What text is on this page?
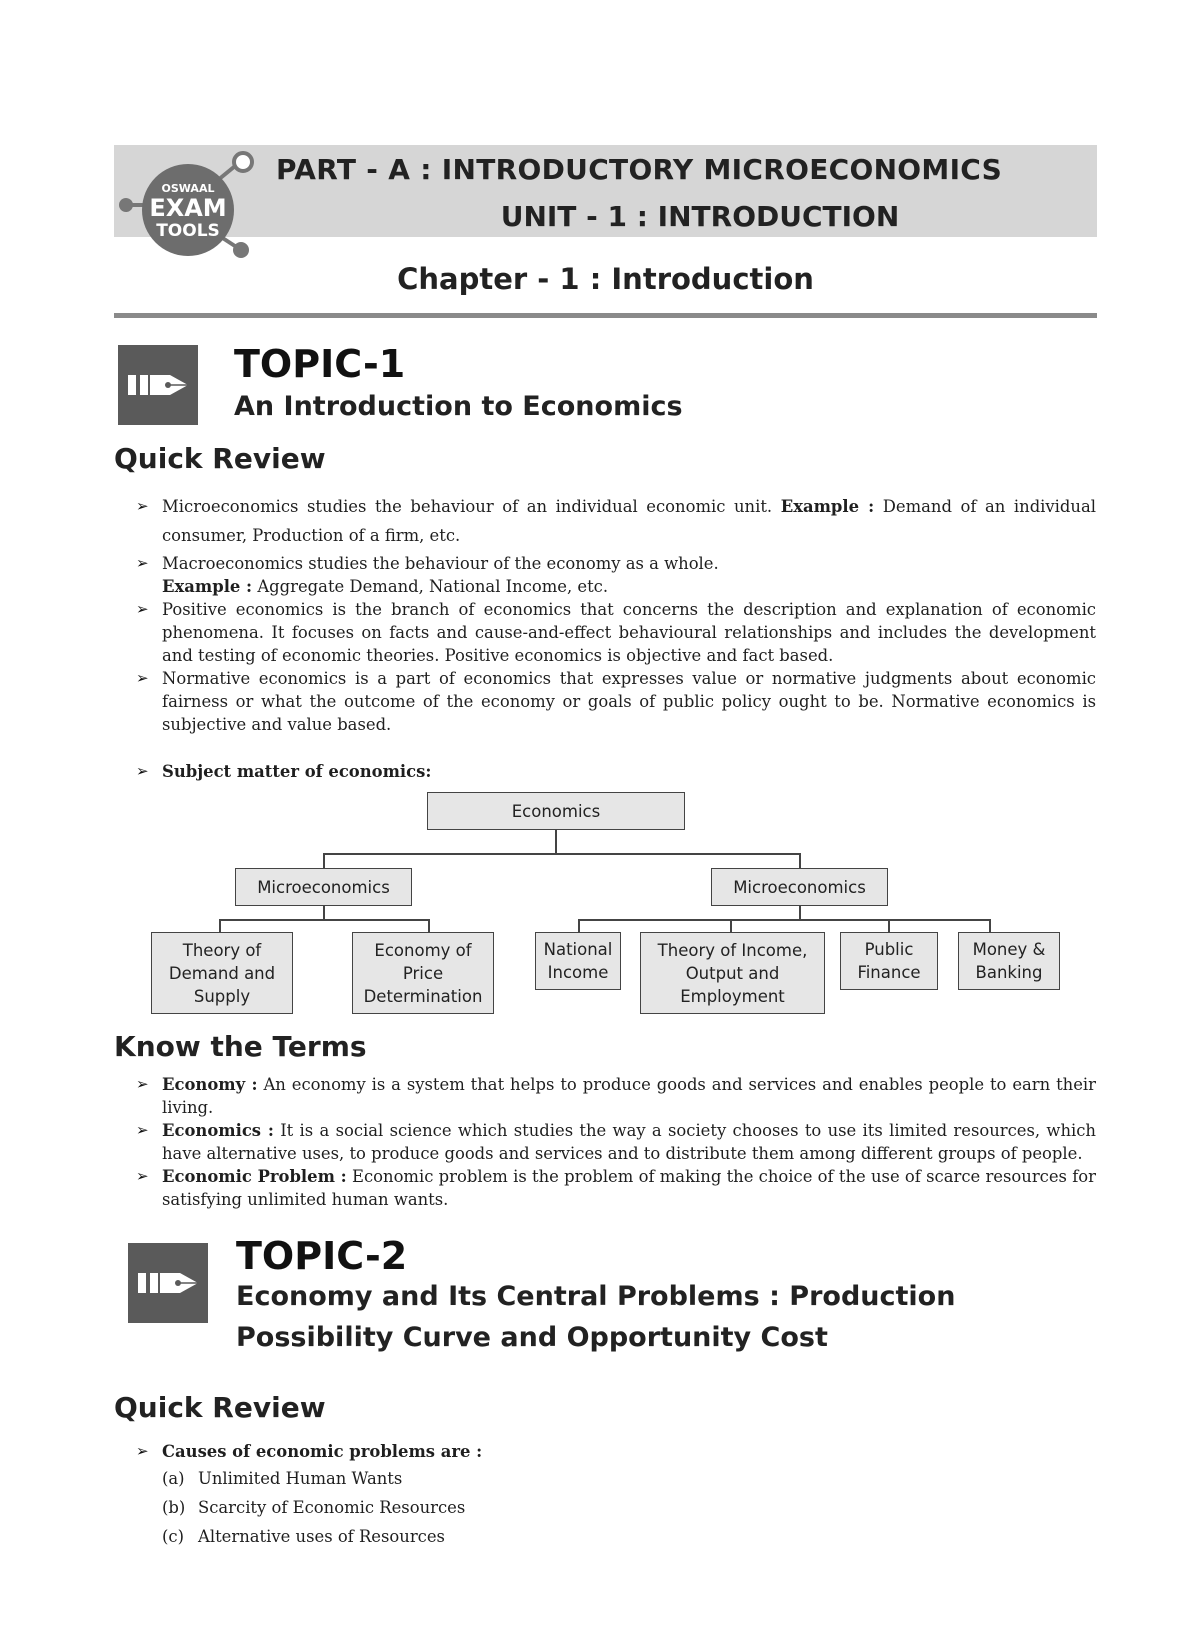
OSWAAL
EXAM
TOOLS
PART - A : INTRODUCTORY MICROECONOMICS
UNIT - 1 : INTRODUCTION
Chapter - 1 : Introduction
TOPIC-1
An Introduction to Economics
Quick Review
➢ Microeconomics studies the behaviour of an individual economic unit. Example : Demand of an individual consumer, Production of a firm, etc.
➢ Macroeconomics studies the behaviour of the economy as a whole.
Example : Aggregate Demand, National Income, etc.
➢ Positive economics is the branch of economics that concerns the description and explanation of economic phenomena. It focuses on facts and cause-and-effect behavioural relationships and includes the development and testing of economic theories. Positive economics is objective and fact based.
➢ Normative economics is a part of economics that expresses value or normative judgments about economic fairness or what the outcome of the economy or goals of public policy ought to be. Normative economics is subjective and value based.
➢ Subject matter of economics:
Economics
Microeconomics	Microeconomics
Theory of Demand and Supply
Economy of Price Determination
National Income
Theory of Income, Output and Employment
Public Finance
Money & Banking
Know the Terms
➢ Economy : An economy is a system that helps to produce goods and services and enables people to earn their living.
➢ Economics : It is a social science which studies the way a society chooses to use its limited resources, which have alternative uses, to produce goods and services and to distribute them among different groups of people.
➢ Economic Problem : Economic problem is the problem of making the choice of the use of scarce resources for satisfying unlimited human wants.
TOPIC-2
Economy and Its Central Problems : Production
Possibility Curve and Opportunity Cost
Quick Review
➢ Causes of economic problems are :
(a) Unlimited Human Wants
(b) Scarcity of Economic Resources
(c) Alternative uses of Resources
